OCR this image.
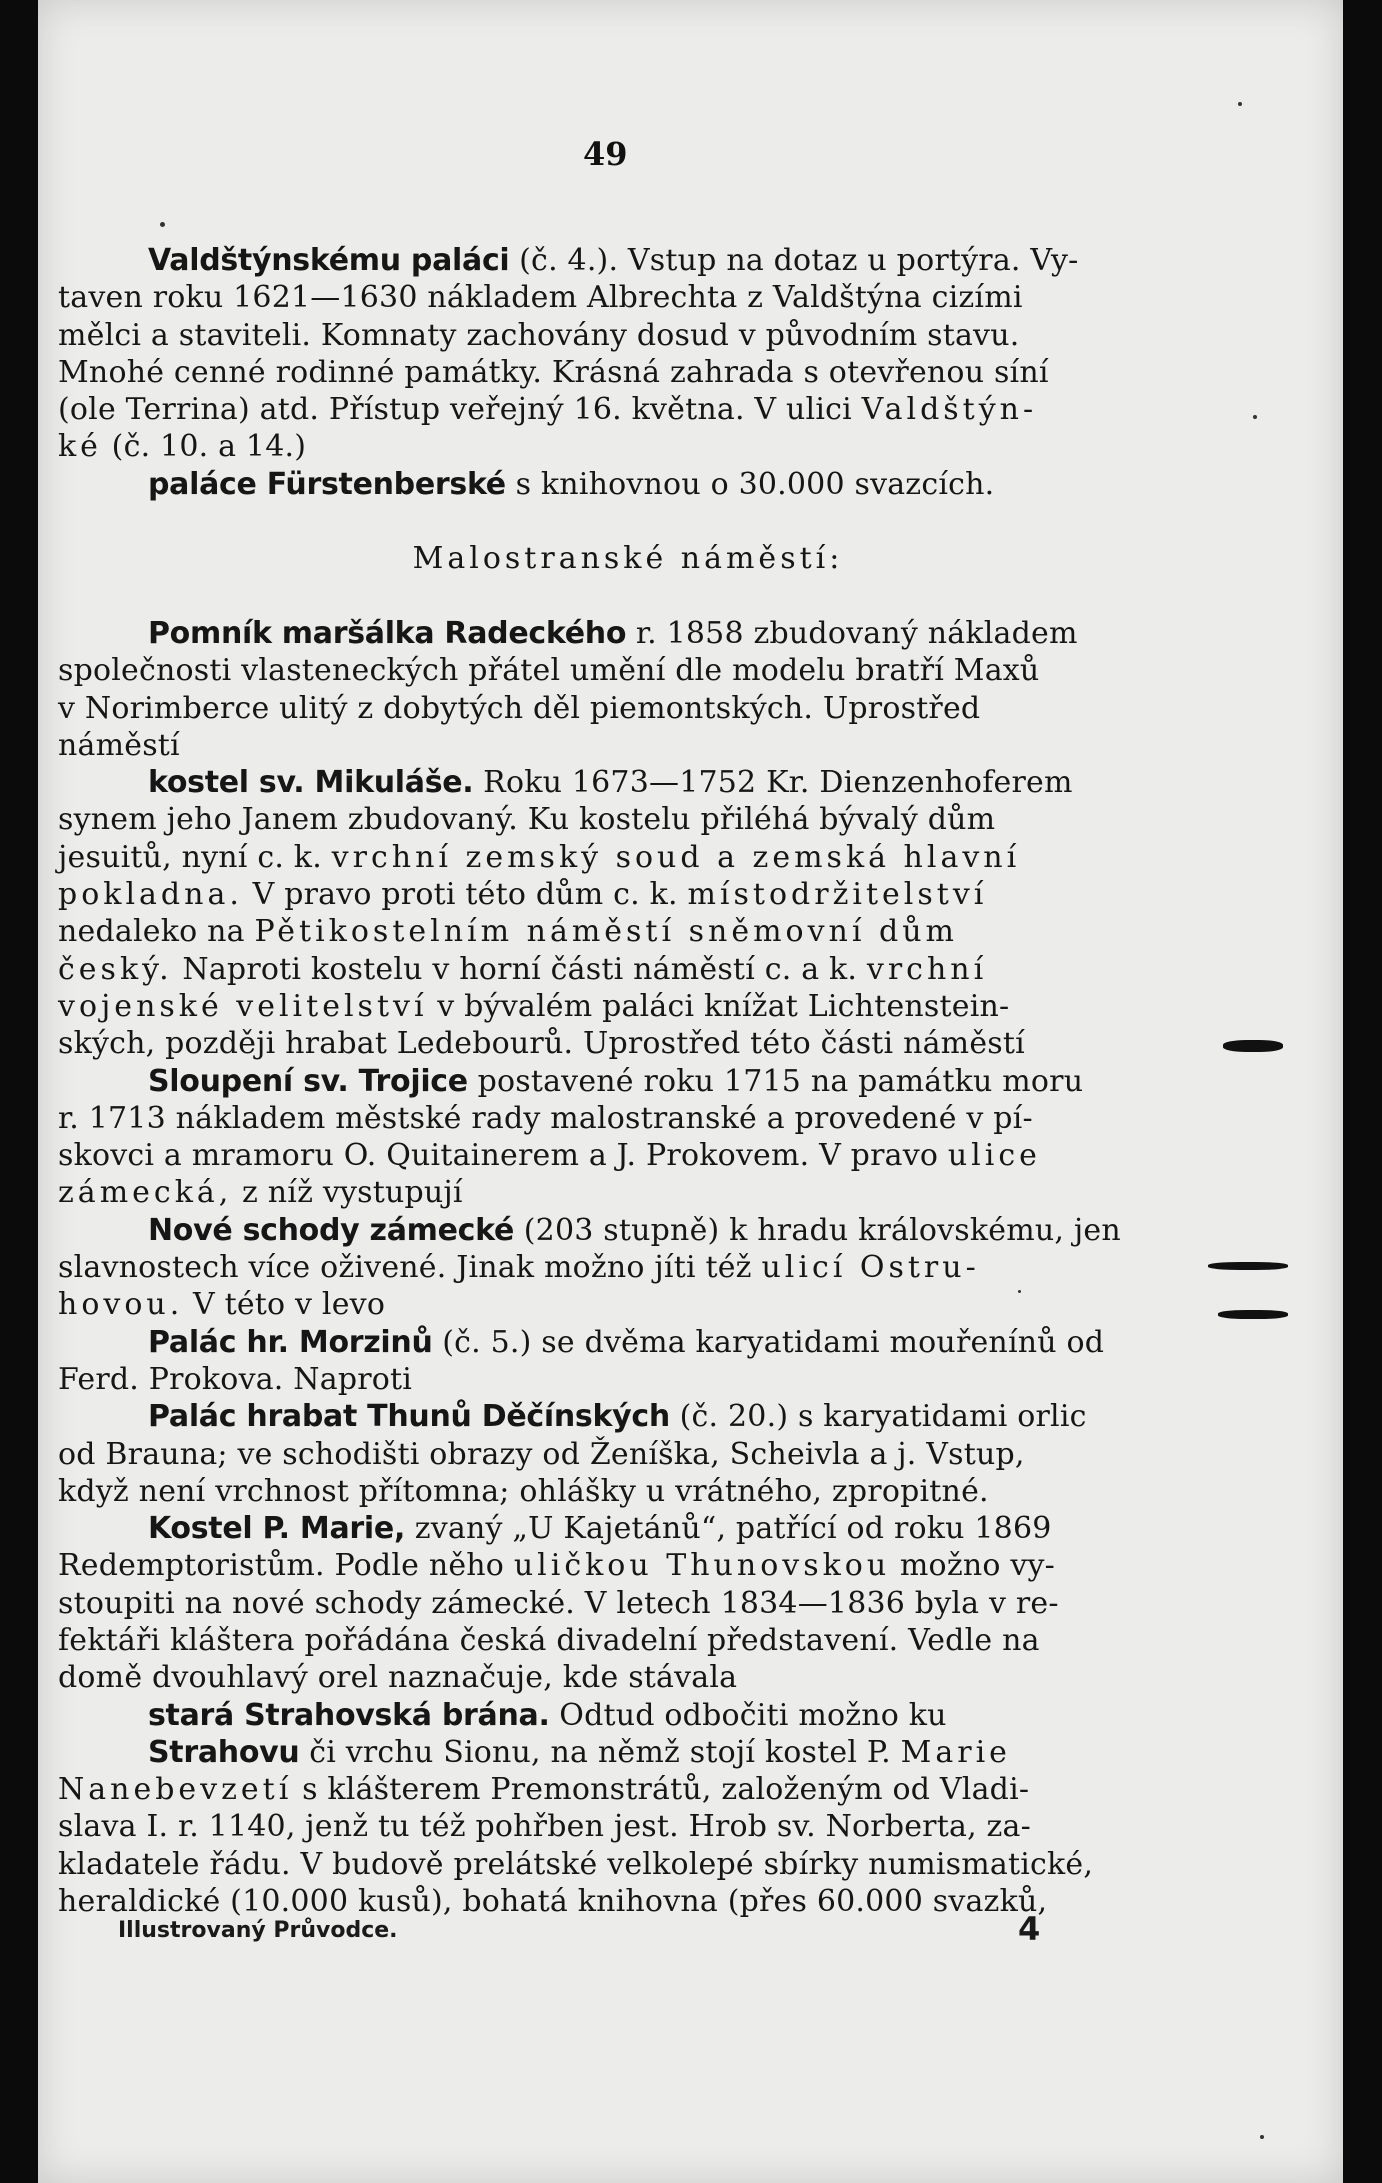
49
Valdštýnskému paláci (č. 4.). Vstup na dotaz u portýra. Vy-
taven roku 1621—1630 nákladem Albrechta z Valdštýna cizími
mělci a staviteli. Komnaty zachovány dosud v původním stavu.
Mnohé cenné rodinné památky. Krásná zahrada s otevřenou síní
(ole Terrina) atd. Přístup veřejný 16. května. V ulici Valdštýn-
ké (č. 10. a 14.)
paláce Fürstenberské s knihovnou o 30.000 svazcích.
Malostranské náměstí:
Pomník maršálka Radeckého r. 1858 zbudovaný nákladem
společnosti vlasteneckých přátel umění dle modelu bratří Maxů
v Norimberce ulitý z dobytých děl piemontských. Uprostřed
náměstí
kostel sv. Mikuláše. Roku 1673—1752 Kr. Dienzenhoferem
synem jeho Janem zbudovaný. Ku kostelu přiléhá bývalý dům
jesuitů, nyní c. k. vrchní zemský soud a zemská hlavní
pokladna. V pravo proti této dům c. k. místodržitelství
nedaleko na Pětikostelním náměstí sněmovní dům
český. Naproti kostelu v horní části náměstí c. a k. vrchní
vojenské velitelství v bývalém paláci knížat Lichtenstein-
ských, později hrabat Ledebourů. Uprostřed této části náměstí
Sloupení sv. Trojice postavené roku 1715 na památku moru
r. 1713 nákladem městské rady malostranské a provedené v pí-
skovci a mramoru O. Quitainerem a J. Prokovem. V pravo ulice
zámecká, z níž vystupují
Nové schody zámecké (203 stupně) k hradu královskému, jen
slavnostech více oživené. Jinak možno jíti též ulicí Ostru-
hovou. V této v levo
Palác hr. Morzinů (č. 5.) se dvěma karyatidami mouřenínů od
Ferd. Prokova. Naproti
Palác hrabat Thunů Děčínských (č. 20.) s karyatidami orlic
od Brauna; ve schodišti obrazy od Ženíška, Scheivla a j. Vstup,
když není vrchnost přítomna; ohlášky u vrátného, zpropitné.
Kostel P. Marie, zvaný „U Kajetánů“, patřící od roku 1869
Redemptoristům. Podle něho uličkou Thunovskou možno vy-
stoupiti na nové schody zámecké. V letech 1834—1836 byla v re-
fektáři kláštera pořádána česká divadelní představení. Vedle na
domě dvouhlavý orel naznačuje, kde stávala
stará Strahovská brána. Odtud odbočiti možno ku
Strahovu či vrchu Sionu, na němž stojí kostel P. Marie
Nanebevzetí s klášterem Premonstrátů, založeným od Vladi-
slava I. r. 1140, jenž tu též pohřben jest. Hrob sv. Norberta, za-
kladatele řádu. V budově prelátské velkolepé sbírky numismatické,
heraldické (10.000 kusů), bohatá knihovna (přes 60.000 svazků,
Illustrovaný Průvodce.	4
